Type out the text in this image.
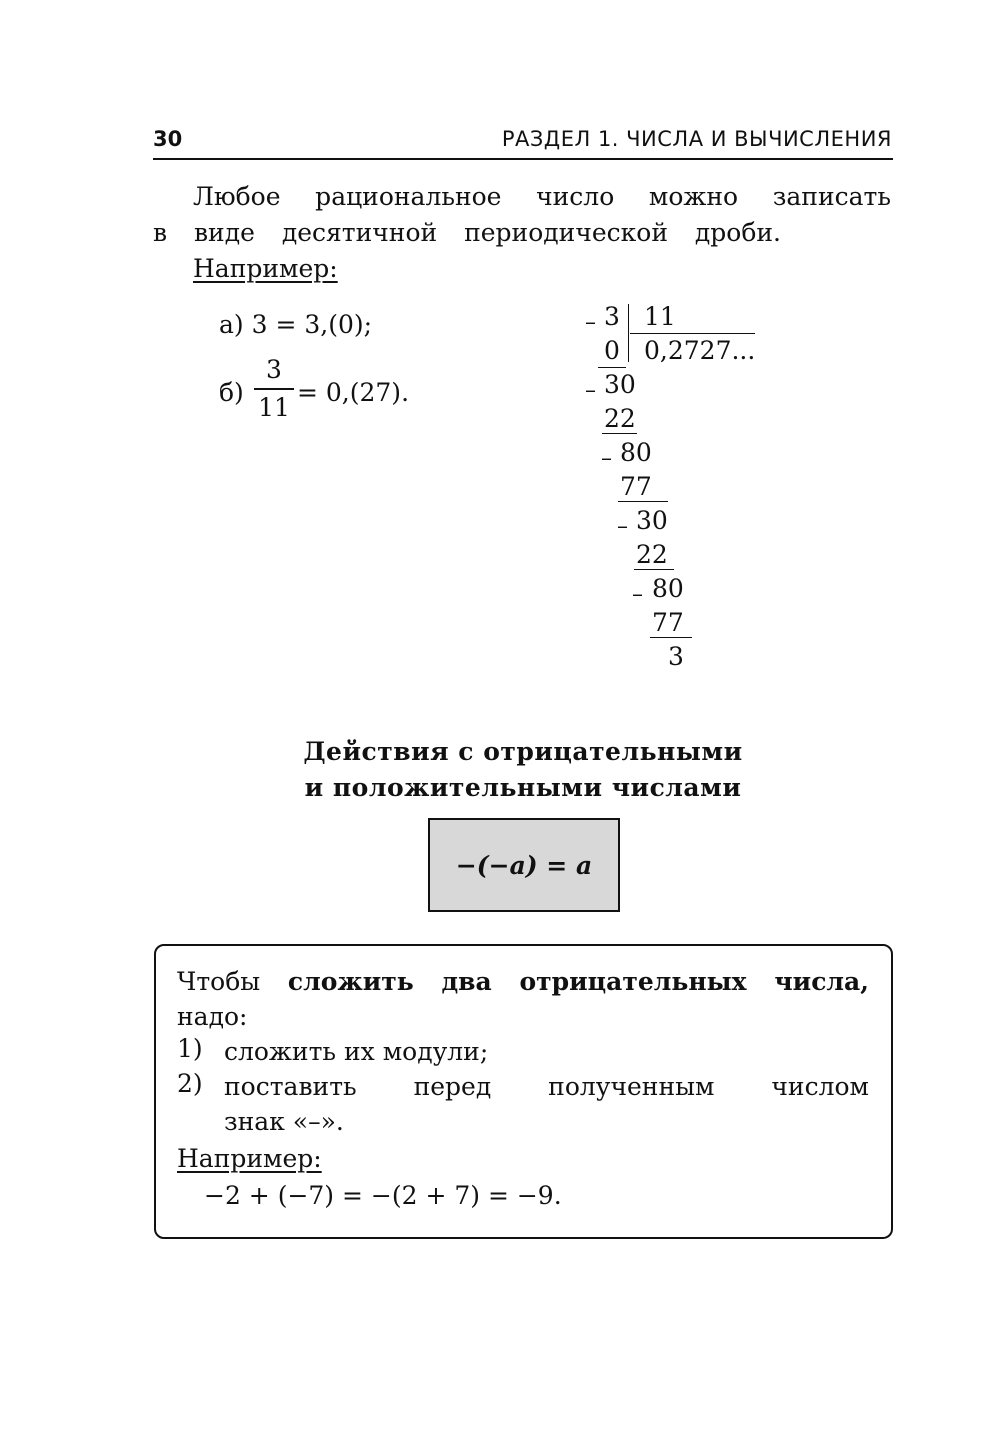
30	РАЗДЕЛ 1. ЧИСЛА И ВЫЧИСЛЕНИЯ
Любое рациональное число можно записать
в виде десятичной периодической дроби.
Например:
а) 3 = 3,(0);
б)
3
11
= 0,(27).
– 3 11
0 0,2727...
– 30
22
– 80
77
– 30
22
– 80
77
3
Действия с отрицательными
и положительными числами
−(−a) = a
Чтобы сложить два отрицательных числа,
надо:
1) сложить их модули;
2) поставить перед полученным числом
знак «–».
Например:
−2 + (−7) = −(2 + 7) = −9.
